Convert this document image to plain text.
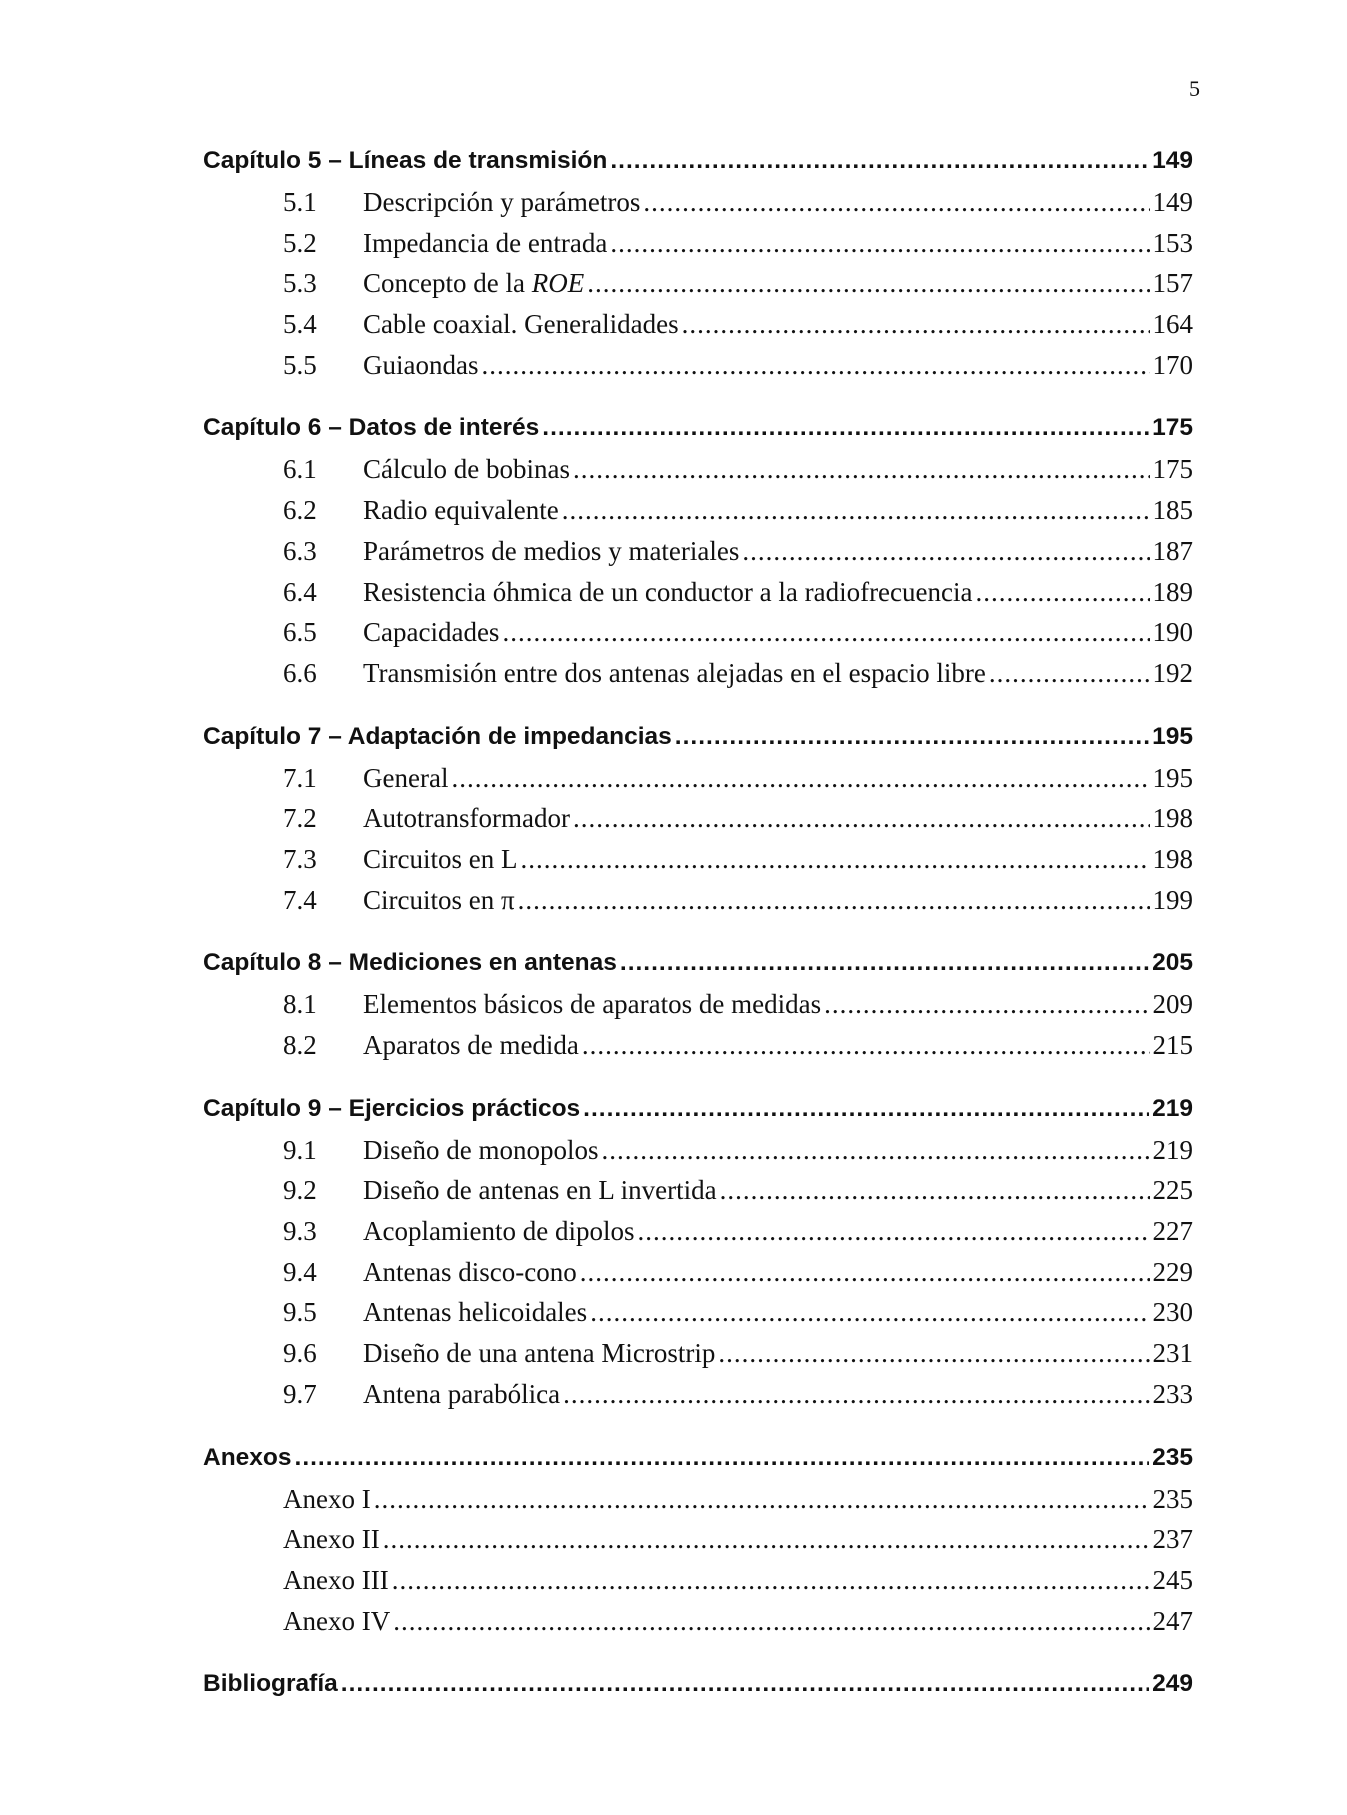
5
Capítulo 5 – Líneas de transmisión .....	149
5.1	Descripción y parámetros .....	149
5.2	Impedancia de entrada .....	153
5.3	Concepto de la ROE .....	157
5.4	Cable coaxial. Generalidades .....	164
5.5	Guiaondas .....	170
Capítulo 6 – Datos de interés .....	175
6.1	Cálculo de bobinas .....	175
6.2	Radio equivalente .....	185
6.3	Parámetros de medios y materiales .....	187
6.4	Resistencia óhmica de un conductor a la radiofrecuencia .....	189
6.5	Capacidades .....	190
6.6	Transmisión entre dos antenas alejadas en el espacio libre .....	192
Capítulo 7 – Adaptación de impedancias .....	195
7.1	General .....	195
7.2	Autotransformador .....	198
7.3	Circuitos en L .....	198
7.4	Circuitos en π .....	199
Capítulo 8 – Mediciones en antenas .....	205
8.1	Elementos básicos de aparatos de medidas .....	209
8.2	Aparatos de medida .....	215
Capítulo 9 – Ejercicios prácticos .....	219
9.1	Diseño de monopolos .....	219
9.2	Diseño de antenas en L invertida .....	225
9.3	Acoplamiento de dipolos .....	227
9.4	Antenas disco-cono .....	229
9.5	Antenas helicoidales .....	230
9.6	Diseño de una antena Microstrip .....	231
9.7	Antena parabólica .....	233
Anexos .....	235
Anexo I .....	235
Anexo II .....	237
Anexo III .....	245
Anexo IV .....	247
Bibliografía .....	249
